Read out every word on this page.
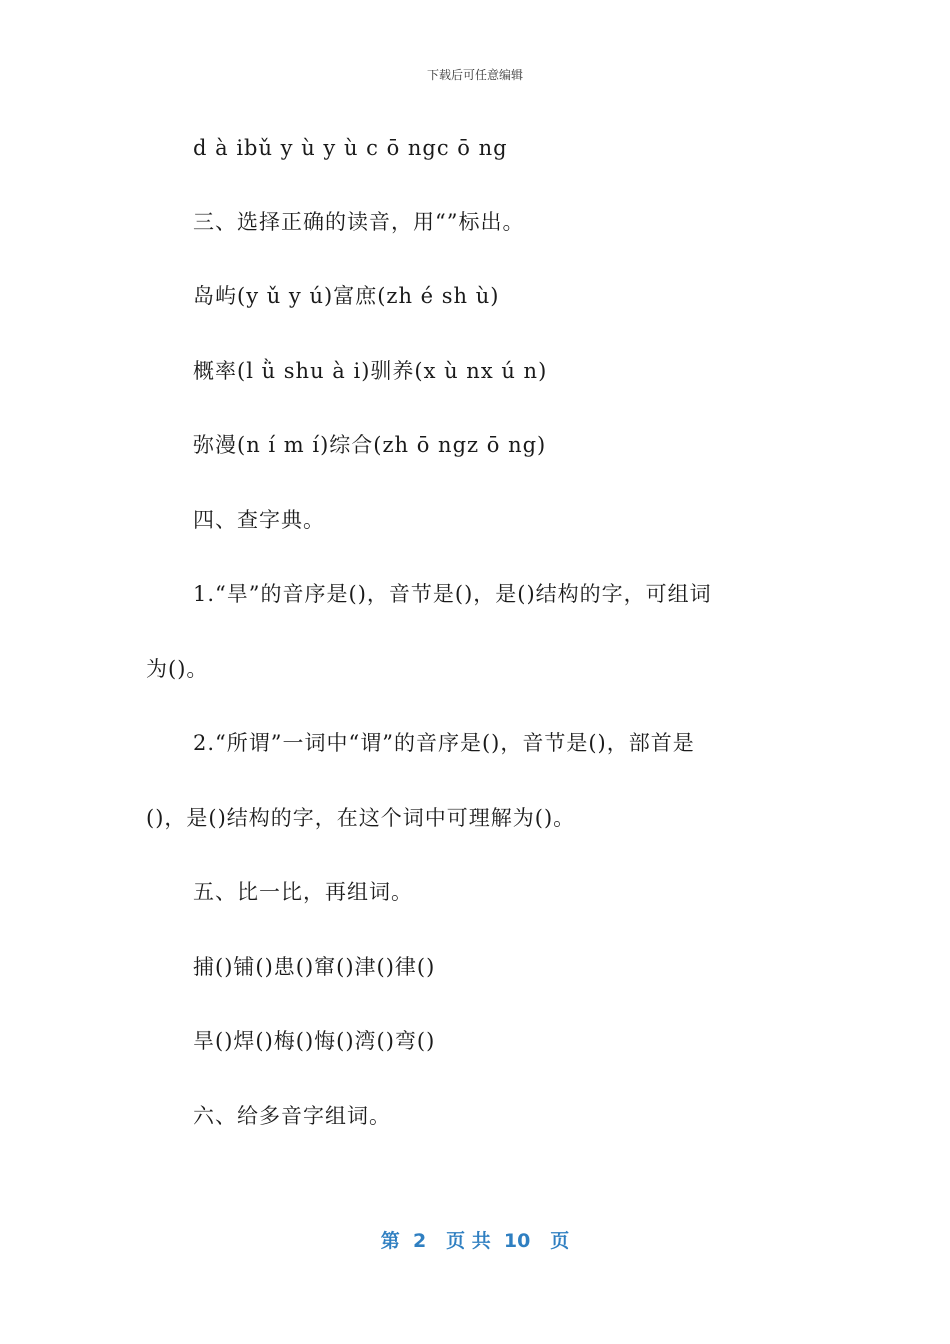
下载后可任意编辑
d à ibǔ y ù y ù c ō ngc ō ng
三、选择正确的读音，用“”标出。
岛屿(y ǔ y ú)富庶(zh é sh ù)
概率(l ǜ shu à i)驯养(x ù nx ú n)
弥漫(n í m í)综合(zh ō ngz ō ng)
四、查字典。
1.“旱”的音序是()，音节是()，是()结构的字，可组词
为()。
2.“所谓”一词中“谓”的音序是()，音节是()，部首是
()，是()结构的字，在这个词中可理解为()。
五、比一比，再组词。
捕()铺()患()窜()津()律()
旱()焊()梅()悔()湾()弯()
六、给多音字组词。
第  2   页 共  10   页
